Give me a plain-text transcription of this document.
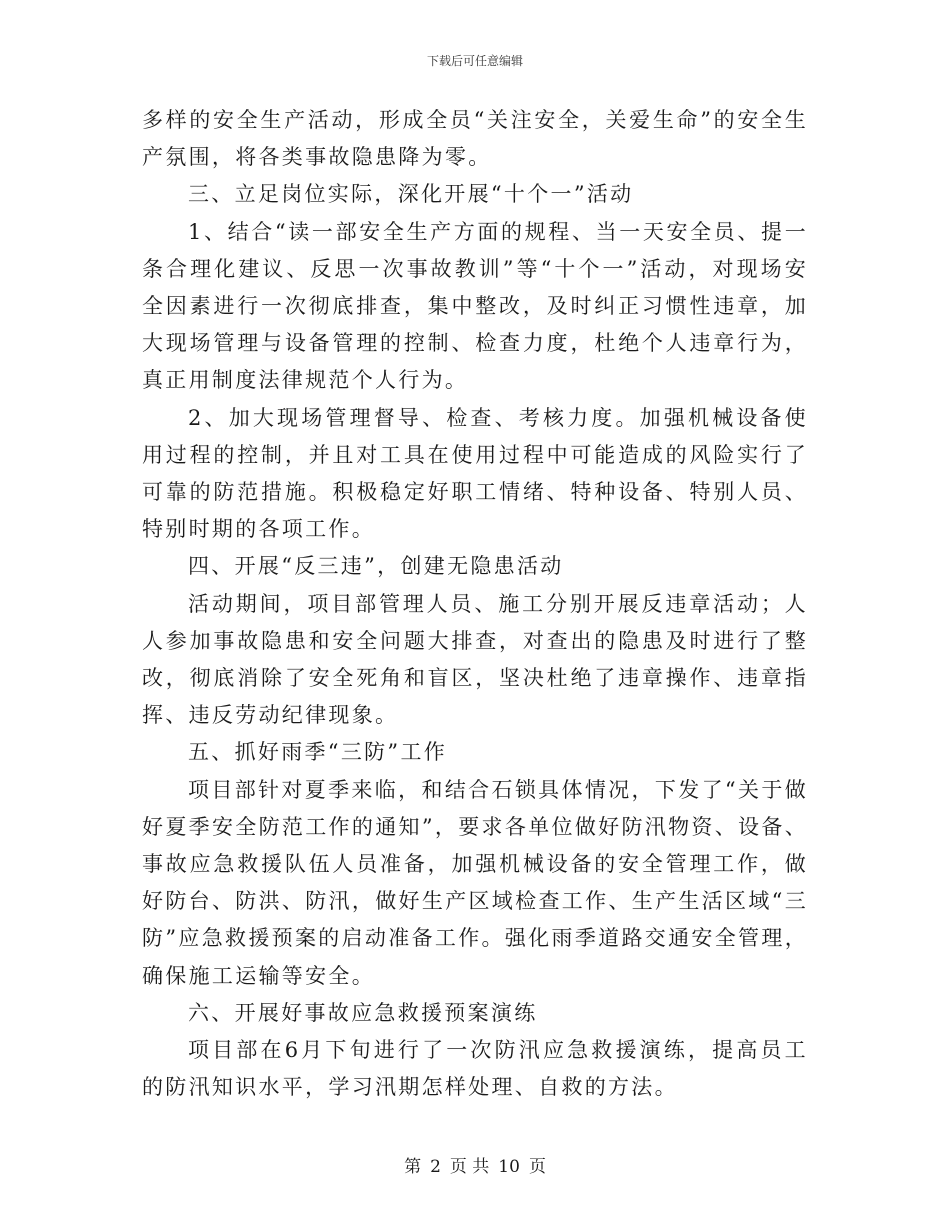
下载后可任意编辑

多样的安全生产活动，形成全员“关注安全，关爱生命”的安全生产氛围，将各类事故隐患降为零。

三、立足岗位实际，深化开展“十个一”活动

1、结合“读一部安全生产方面的规程、当一天安全员、提一条合理化建议、反思一次事故教训”等“十个一”活动，对现场安全因素进行一次彻底排查，集中整改，及时纠正习惯性违章，加大现场管理与设备管理的控制、检查力度，杜绝个人违章行为，真正用制度法律规范个人行为。

2、加大现场管理督导、检查、考核力度。加强机械设备使用过程的控制，并且对工具在使用过程中可能造成的风险实行了可靠的防范措施。积极稳定好职工情绪、特种设备、特别人员、特别时期的各项工作。

四、开展“反三违”，创建无隐患活动

活动期间，项目部管理人员、施工分别开展反违章活动；人人参加事故隐患和安全问题大排查，对查出的隐患及时进行了整改，彻底消除了安全死角和盲区，坚决杜绝了违章操作、违章指挥、违反劳动纪律现象。

五、抓好雨季“三防”工作

项目部针对夏季来临，和结合石锁具体情况，下发了“关于做好夏季安全防范工作的通知”，要求各单位做好防汛物资、设备、事故应急救援队伍人员准备，加强机械设备的安全管理工作，做好防台、防洪、防汛，做好生产区域检查工作、生产生活区域“三防”应急救援预案的启动准备工作。强化雨季道路交通安全管理，确保施工运输等安全。

六、开展好事故应急救援预案演练

项目部在6月下旬进行了一次防汛应急救援演练，提高员工的防汛知识水平，学习汛期怎样处理、自救的方法。

第 2 页 共 10 页
